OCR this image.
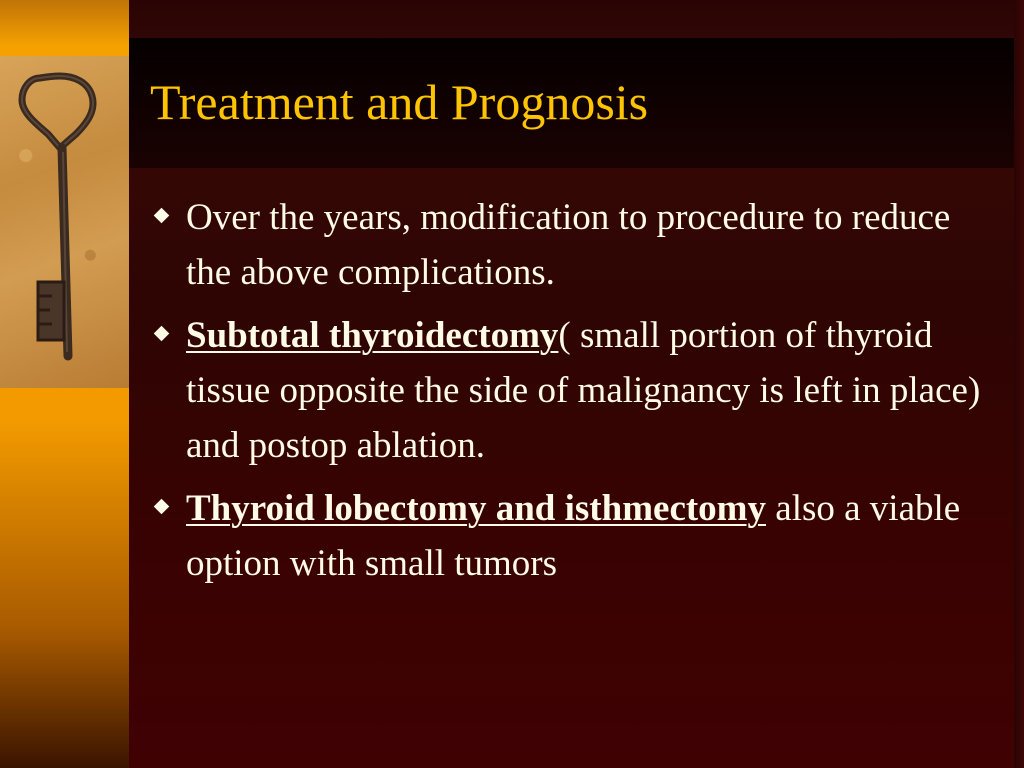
Treatment and Prognosis
Over the years, modification to procedure to reduce the above complications.
Subtotal thyroidectomy( small portion of thyroid tissue opposite the side of malignancy is left in place) and postop ablation.
Thyroid lobectomy and isthmectomy also a viable option with small tumors
